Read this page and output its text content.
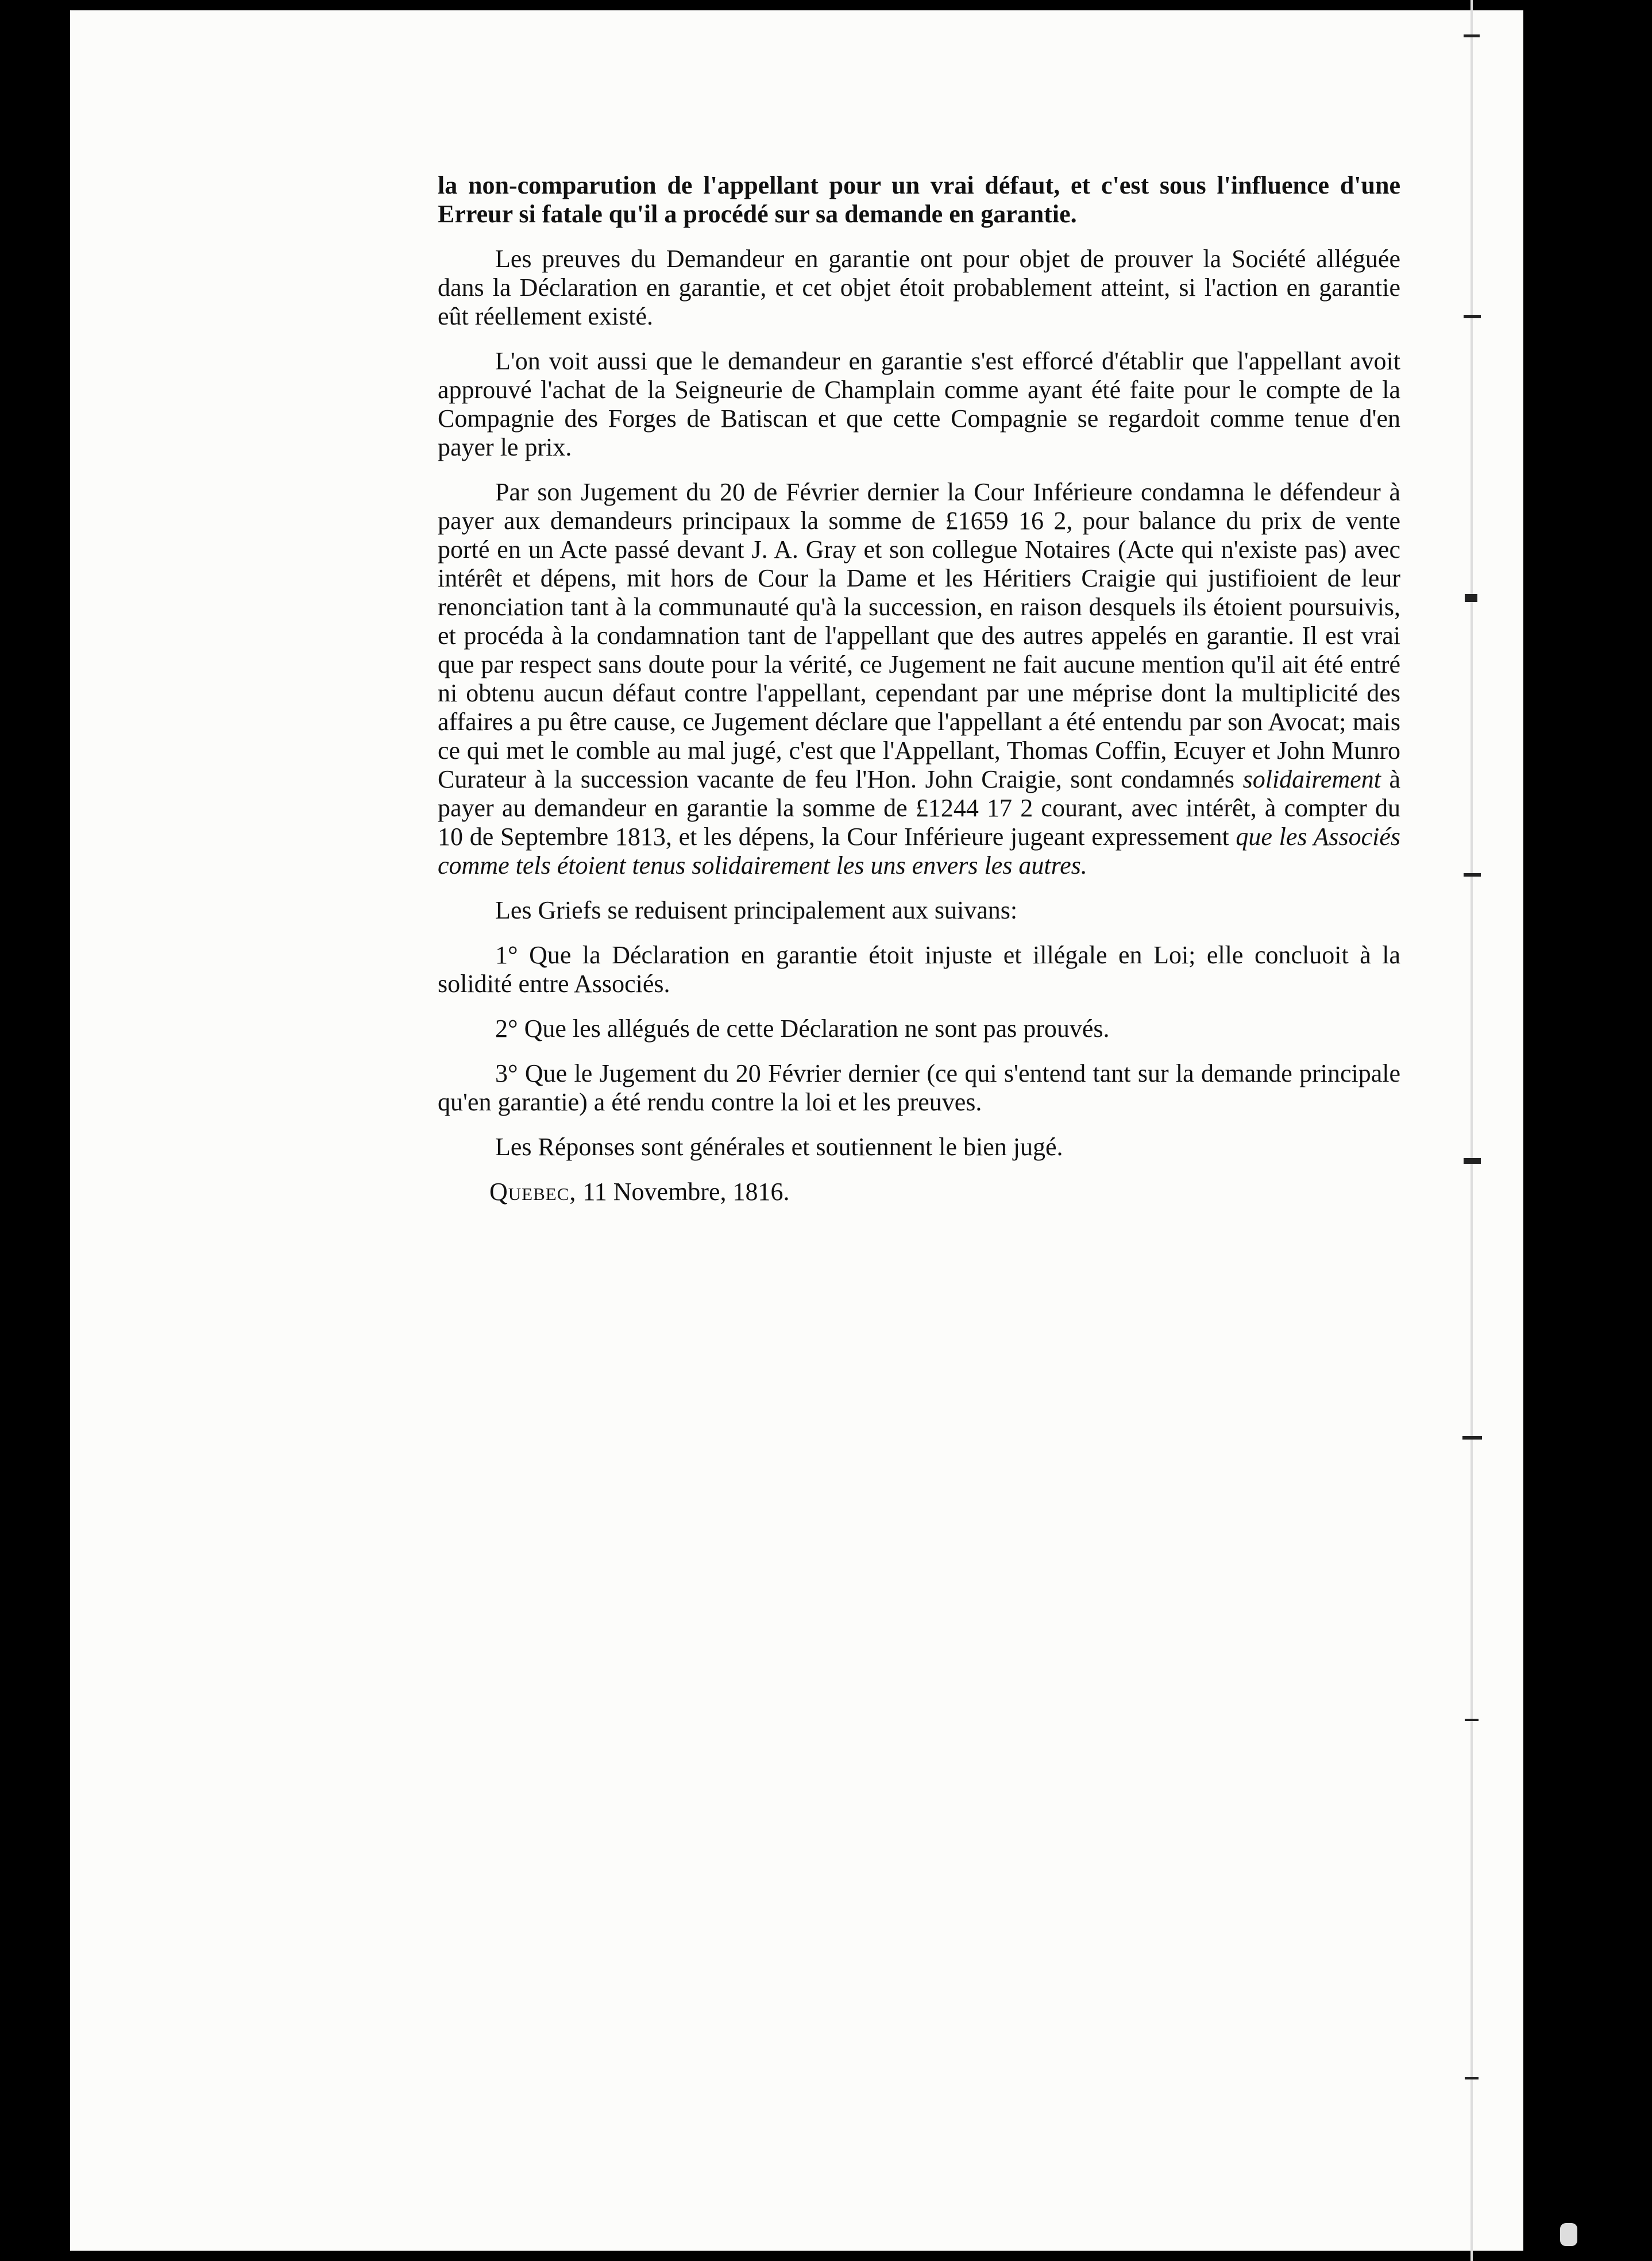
la non-comparution de l'appellant pour un vrai défaut, et c'est sous l'influence d'une Erreur si fatale qu'il a procédé sur sa demande en garantie.

Les preuves du Demandeur en garantie ont pour objet de prouver la Société alléguée dans la Déclaration en garantie, et cet objet étoit probablement atteint, si l'action en garantie eût réellement existé.

L'on voit aussi que le demandeur en garantie s'est efforcé d'établir que l'appellant avoit approuvé l'achat de la Seigneurie de Champlain comme ayant été faite pour le compte de la Compagnie des Forges de Batiscan et que cette Compagnie se regardoit comme tenue d'en payer le prix.

Par son Jugement du 20 de Février dernier la Cour Inférieure condamna le défendeur à payer aux demandeurs principaux la somme de £1659 16 2, pour balance du prix de vente porté en un Acte passé devant J. A. Gray et son collegue Notaires (Acte qui n'existe pas) avec intérêt et dépens, mit hors de Cour la Dame et les Héritiers Craigie qui justifioient de leur renonciation tant à la communauté qu'à la succession, en raison desquels ils étoient poursuivis, et procéda à la condamnation tant de l'appellant que des autres appelés en garantie. Il est vrai que par respect sans doute pour la vérité, ce Jugement ne fait aucune mention qu'il ait été entré ni obtenu aucun défaut contre l'appellant, cependant par une méprise dont la multiplicité des affaires a pu être cause, ce Jugement déclare que l'appellant a été entendu par son Avocat; mais ce qui met le comble au mal jugé, c'est que l'Appellant, Thomas Coffin, Ecuyer et John Munro Curateur à la succession vacante de feu l'Hon. John Craigie, sont condamnés solidairement à payer au demandeur en garantie la somme de £1244 17 2 courant, avec intérêt, à compter du 10 de Septembre 1813, et les dépens, la Cour Inférieure jugeant expressement que les Associés comme tels étoient tenus solidairement les uns envers les autres.

Les Griefs se reduisent principalement aux suivans:

1° Que la Déclaration en garantie étoit injuste et illégale en Loi; elle concluoit à la solidité entre Associés.

2° Que les allégués de cette Déclaration ne sont pas prouvés.

3° Que le Jugement du 20 Février dernier (ce qui s'entend tant sur la demande principale qu'en garantie) a été rendu contre la loi et les preuves.

Les Réponses sont générales et soutiennent le bien jugé.

Quebec, 11 Novembre, 1816.
